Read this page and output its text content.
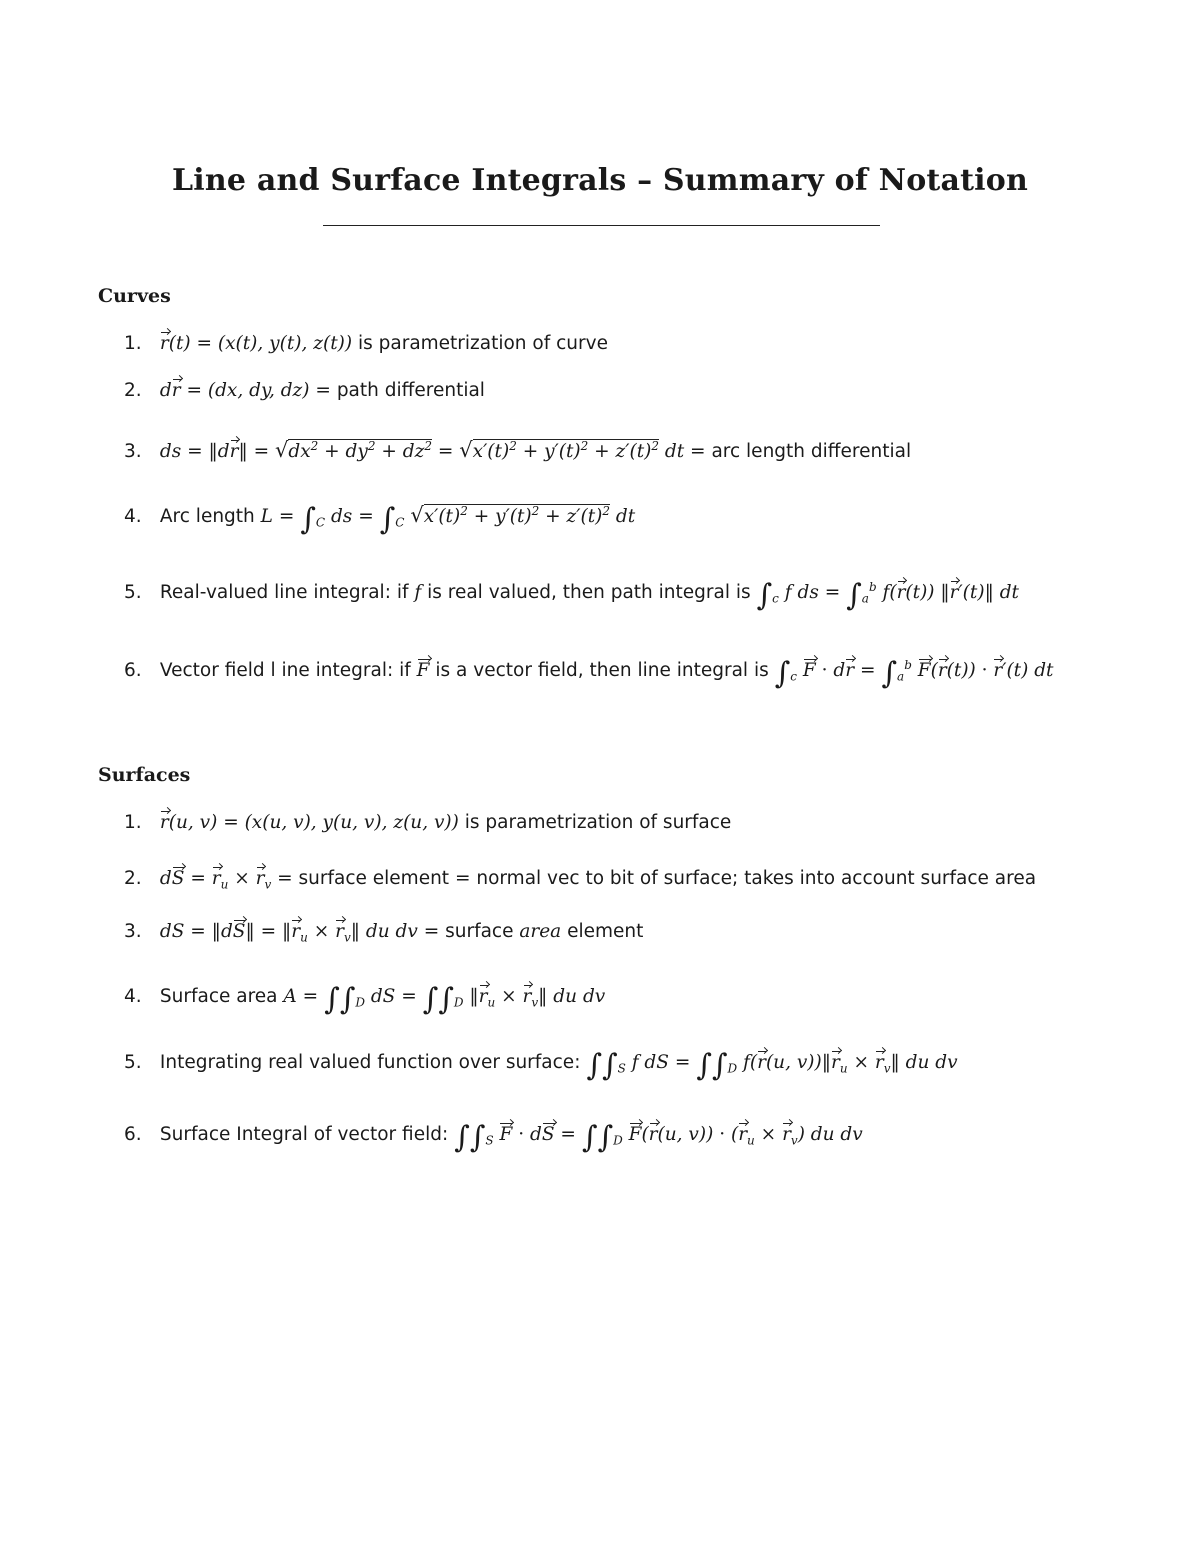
Line and Surface Integrals – Summary of Notation
Curves
1. r(t) = (x(t), y(t), z(t)) is parametrization of curve
2. dr = (dx, dy, dz) = path differential
3. ds = ‖dr‖ = $√dx^2 + dy^2 + dz^2 = √x'(t)^2 + y'(t)^2 + z'(t)^2$ dt = arc length differential
4. Arc length $L = \int_C$ ds = $\int_C$ $√x'(t)^2 + y'(t)^2 + z'(t)^2$ dt
5. Real-valued line integral: if f is real valued, then path integral is $\int_c$ f ds = $\int_a^b$ f(r(t)) ‖r′(t)‖ dt
6. Vector field l ine integral: if F is a vector field, then line integral is $\int_c$ F · dr = $\int_a^b$ F(r(t)) · r′(t) dt
Surfaces
1. r(u, v) = (x(u, v), y(u, v), z(u, v)) is parametrization of surface
2. dS = $r_u \times r_v$ = surface element = normal vec to bit of surface; takes into account surface area
3. dS = ‖dS‖ = $‖r_u$ × $r_v‖$ du dv = surface area element
4. Surface area $A = \int\int_D$ dS = $\int\int_D$ $‖r_u$ × $r_v‖$ du dv
5. Integrating real valued function over surface: $\int\int_S$ f dS = $\int\int_D$ f(r(u, $v))‖r_u$ × $r_v‖$ du dv
6. Surface Integral of vector field: $\int\int_S$ F · dS = $\int\int_D$ F(r(u, $v)) \cdot (r_u \times r_v)$ du dv
